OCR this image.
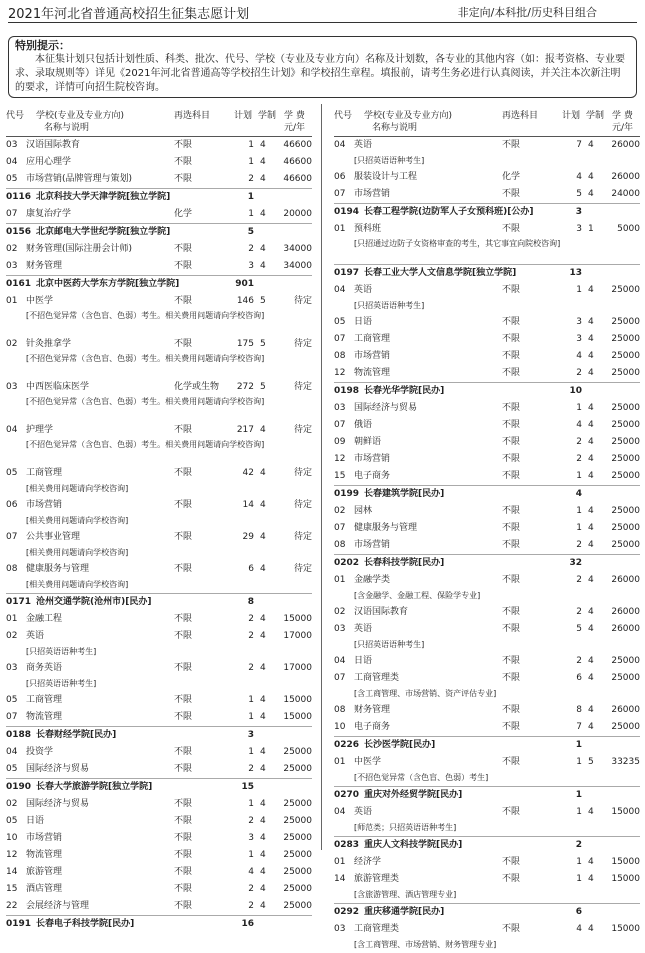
2021年河北省普通高校招生征集志愿计划	非定向/本科批/历史科目组合
特别提示：

本征集计划只包括计划性质、科类、批次、代号、学校（专业及专业方向）名称及计划数，各专业的其他内容（如：报考资格、专业要求、录取规则等）详见《2021年河北省普通高等学校招生计划》和学校招生章程。填报前，请考生务必进行认真阅读，并关注本次新注明的要求，详情可向招生院校咨询。

代号 学校(专业及专业方向)
名称与说明
再选科目	计划 学制 学 费
元/年
03 汉语国际教育	不限	1 4	46600
04 应用心理学	不限	1 4	46600
05 市场营销(品牌管理与策划)	不限	2 4	46600
0116 北京科技大学天津学院[独立学院]	1
07 康复治疗学	化学	1 4	20000
0156 北京邮电大学世纪学院[独立学院]	5
02 财务管理(国际注册会计师)	不限	2 4	34000
03 财务管理	不限	3 4	34000
0161 北京中医药大学东方学院[独立学院]	901
01 中医学	不限	146 5	待定
[不招色觉异常（含色盲、色弱）考生。相关费用问题请向学校咨询]
02 针灸推拿学	不限	175 5	待定
[不招色觉异常（含色盲、色弱）考生。相关费用问题请向学校咨询]
03 中西医临床医学	化学或生物	272 5	待定
[不招色觉异常（含色盲、色弱）考生。相关费用问题请向学校咨询]
04 护理学	不限	217 4	待定
[不招色觉异常（含色盲、色弱）考生。相关费用问题请向学校咨询]
05 工商管理	不限	42 4	待定
[相关费用问题请向学校咨询]
06 市场营销	不限	14 4	待定
[相关费用问题请向学校咨询]
07 公共事业管理	不限	29 4	待定
[相关费用问题请向学校咨询]
08 健康服务与管理	不限	6 4	待定
[相关费用问题请向学校咨询]
0171 沧州交通学院(沧州市)[民办]	8
01 金融工程	不限	2 4	15000
02 英语	不限	2 4	17000
[只招英语语种考生]
03 商务英语	不限	2 4	17000
[只招英语语种考生]
05 工商管理	不限	1 4	15000
07 物流管理	不限	1 4	15000
0188 长春财经学院[民办]	3
04 投资学	不限	1 4	25000
05 国际经济与贸易	不限	2 4	25000
0190 长春大学旅游学院[独立学院]	15
02 国际经济与贸易	不限	1 4	25000
05 日语	不限	2 4	25000
10 市场营销	不限	3 4	25000
12 物流管理	不限	1 4	25000
14 旅游管理	不限	4 4	25000
15 酒店管理	不限	2 4	25000
22 会展经济与管理	不限	2 4	25000
0191 长春电子科技学院[民办]	16
代号 学校(专业及专业方向)
名称与说明
再选科目	计划 学制 学 费
元/年
04 英语	不限	7 4	26000
[只招英语语种考生]
06 服装设计与工程	化学	4 4	26000
07 市场营销	不限	5 4	24000
0194 长春工程学院(边防军人子女预科班)[公办]	3
01 预科班	不限	3 1	5000
[只招通过边防子女资格审查的考生，其它事宜向院校咨询]
0197 长春工业大学人文信息学院[独立学院]	13
04 英语	不限	1 4	25000
[只招英语语种考生]
05 日语	不限	3 4	25000
07 工商管理	不限	3 4	25000
08 市场营销	不限	4 4	25000
12 物流管理	不限	2 4	25000
0198 长春光华学院[民办]	10
03 国际经济与贸易	不限	1 4	25000
07 俄语	不限	4 4	25000
09 朝鲜语	不限	2 4	25000
12 市场营销	不限	2 4	25000
15 电子商务	不限	1 4	25000
0199 长春建筑学院[民办]	4
02 园林	不限	1 4	25000
07 健康服务与管理	不限	1 4	25000
08 市场营销	不限	2 4	25000
0202 长春科技学院[民办]	32
01 金融学类	不限	2 4	26000
[含金融学、金融工程、保险学专业]
02 汉语国际教育	不限	2 4	26000
03 英语	不限	5 4	26000
[只招英语语种考生]
04 日语	不限	2 4	25000
07 工商管理类	不限	6 4	25000
[含工商管理、市场营销、资产评估专业]
08 财务管理	不限	8 4	26000
10 电子商务	不限	7 4	25000
0226 长沙医学院[民办]	1
01 中医学	不限	1 5	33235
[不招色觉异常（含色盲、色弱）考生]
0270 重庆对外经贸学院[民办]	1
04 英语	不限	1 4	15000
[师范类；只招英语语种考生]
0283 重庆人文科技学院[民办]	2
01 经济学	不限	1 4	15000
14 旅游管理类	不限	1 4	15000
[含旅游管理、酒店管理专业]
0292 重庆移通学院[民办]	6
03 工商管理类	不限	4 4	15000
[含工商管理、市场营销、财务管理专业]
